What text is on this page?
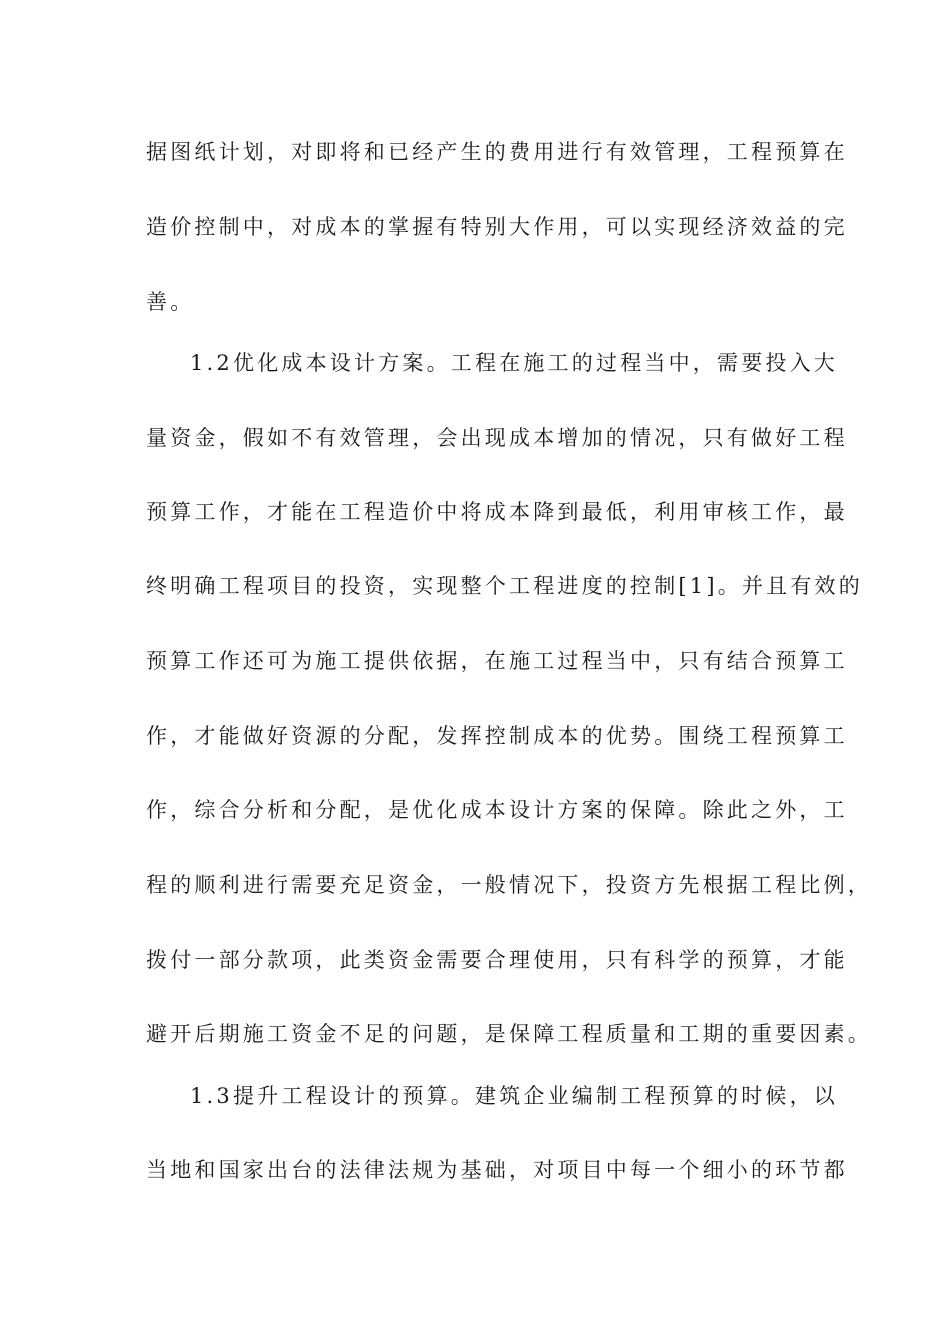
据图纸计划，对即将和已经产生的费用进行有效管理，工程预算在
造价控制中，对成本的掌握有特别大作用，可以实现经济效益的完
善。
1.2优化成本设计方案。工程在施工的过程当中，需要投入大
量资金，假如不有效管理，会出现成本增加的情况，只有做好工程
预算工作，才能在工程造价中将成本降到最低，利用审核工作，最
终明确工程项目的投资，实现整个工程进度的控制[1]。并且有效的
预算工作还可为施工提供依据，在施工过程当中，只有结合预算工
作，才能做好资源的分配，发挥控制成本的优势。围绕工程预算工
作，综合分析和分配，是优化成本设计方案的保障。除此之外，工
程的顺利进行需要充足资金，一般情况下，投资方先根据工程比例，
拨付一部分款项，此类资金需要合理使用，只有科学的预算，才能
避开后期施工资金不足的问题，是保障工程质量和工期的重要因素。
1.3提升工程设计的预算。建筑企业编制工程预算的时候，以
当地和国家出台的法律法规为基础，对项目中每一个细小的环节都
